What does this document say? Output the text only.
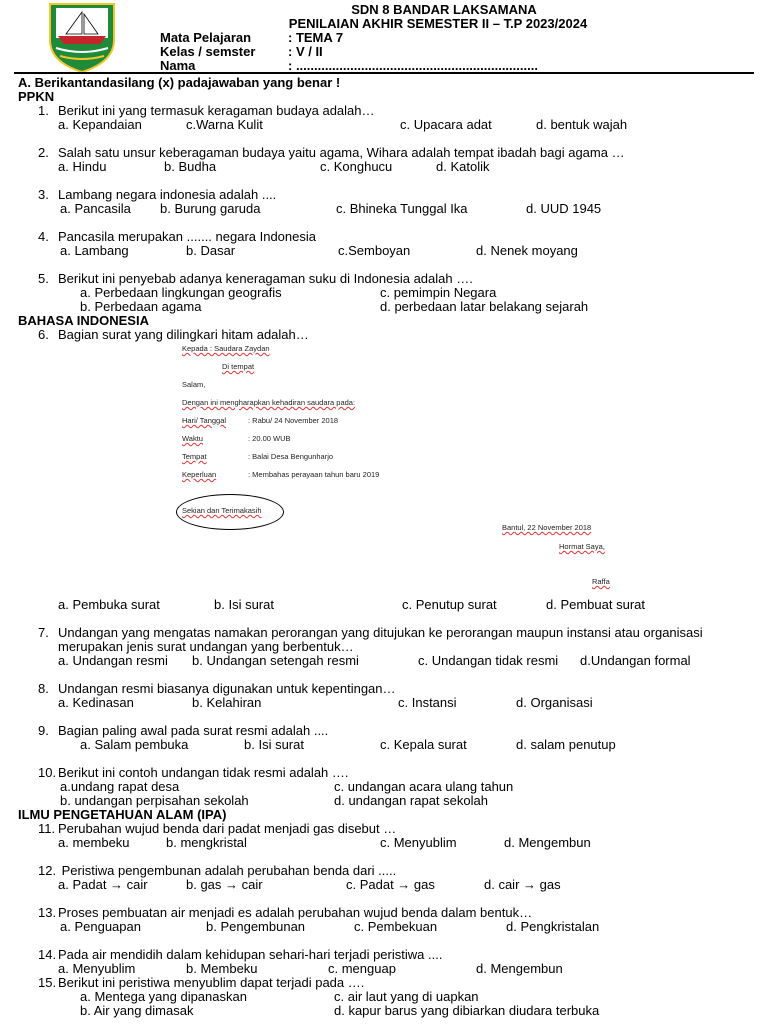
SDN 8 BANDAR LAKSAMANA
PENILAIAN AKHIR SEMESTER II – T.P 2023/2024
Mata Pelajaran	: TEMA 7
Kelas / semster	: V / II
Nama	: ...................................................................
A. Berikantandasilang (x) padajawaban yang benar !
PPKN
1. Berikut ini yang termasuk keragaman budaya adalah…
a. Kepandaian	c.Warna Kulit	c. Upacara adat	d. bentuk wajah
2. Salah satu unsur keberagaman budaya yaitu agama, Wihara adalah tempat ibadah bagi agama …
a. Hindu	b. Budha	c. Konghucu	d. Katolik
3. Lambang negara indonesia adalah ....
a. Pancasila b. Burung garuda	c. Bhineka Tunggal Ika	d. UUD 1945
4. Pancasila merupakan ....... negara Indonesia
a. Lambang	b. Dasar	c.Semboyan	d. Nenek moyang
5. Berikut ini penyebab adanya keneragaman suku di Indonesia adalah ….
a. Perbedaan lingkungan geografis	c. pemimpin Negara
b. Perbedaan agama	d. perbedaan latar belakang sejarah
BAHASA INDONESIA
6. Bagian surat yang dilingkari hitam adalah…
Kepada : Saudara Zaydan
Di tempat
Salam,
Dengan ini mengharapkan kehadiran saudara pada:
Hari/ Tanggal	: Rabu/ 24 November 2018
Waktu	: 20.00 WUB
Tempat	: Balai Desa Bengunharjo
Keperluan	: Membahas perayaan tahun baru 2019
Sekian dan Terimakasih
Bantul, 22 November 2018
Hormat Saya,
Raffa
a. Pembuka surat	b. Isi surat	c. Penutup surat	d. Pembuat surat
7. Undangan yang mengatas namakan perorangan yang ditujukan ke perorangan maupun instansi atau organisasi
merupakan jenis surat undangan yang berbentuk…
a. Undangan resmi b. Undangan setengah resmi	c. Undangan tidak resmi d.Undangan formal
8. Undangan resmi biasanya digunakan untuk kepentingan…
a. Kedinasan	b. Kelahiran	c. Instansi	d. Organisasi
9. Bagian paling awal pada surat resmi adalah ....
a. Salam pembuka	b. Isi surat	c. Kepala surat	d. salam penutup
10. Berikut ini contoh undangan tidak resmi adalah ….
a.undang rapat desa	c. undangan acara ulang tahun
b. undangan perpisahan sekolah	d. undangan rapat sekolah
ILMU PENGETAHUAN ALAM (IPA)
11. Perubahan wujud benda dari padat menjadi gas disebut …
a. membeku	b. mengkristal	c. Menyublim	d. Mengembun
12. Peristiwa pengembunan adalah perubahan benda dari .....
a. Padat → cair	b. gas → cair	c. Padat → gas	d. cair → gas
13. Proses pembuatan air menjadi es adalah perubahan wujud benda dalam bentuk…
a. Penguapan	b. Pengembunan	c. Pembekuan	d. Pengkristalan
14. Pada air mendidih dalam kehidupan sehari-hari terjadi peristiwa ....
a. Menyublim	b. Membeku	c. menguap	d. Mengembun
15. Berikut ini peristiwa menyublim dapat terjadi pada ….
a. Mentega yang dipanaskan	c. air laut yang di uapkan
b. Air yang dimasak	d. kapur barus yang dibiarkan diudara terbuka
